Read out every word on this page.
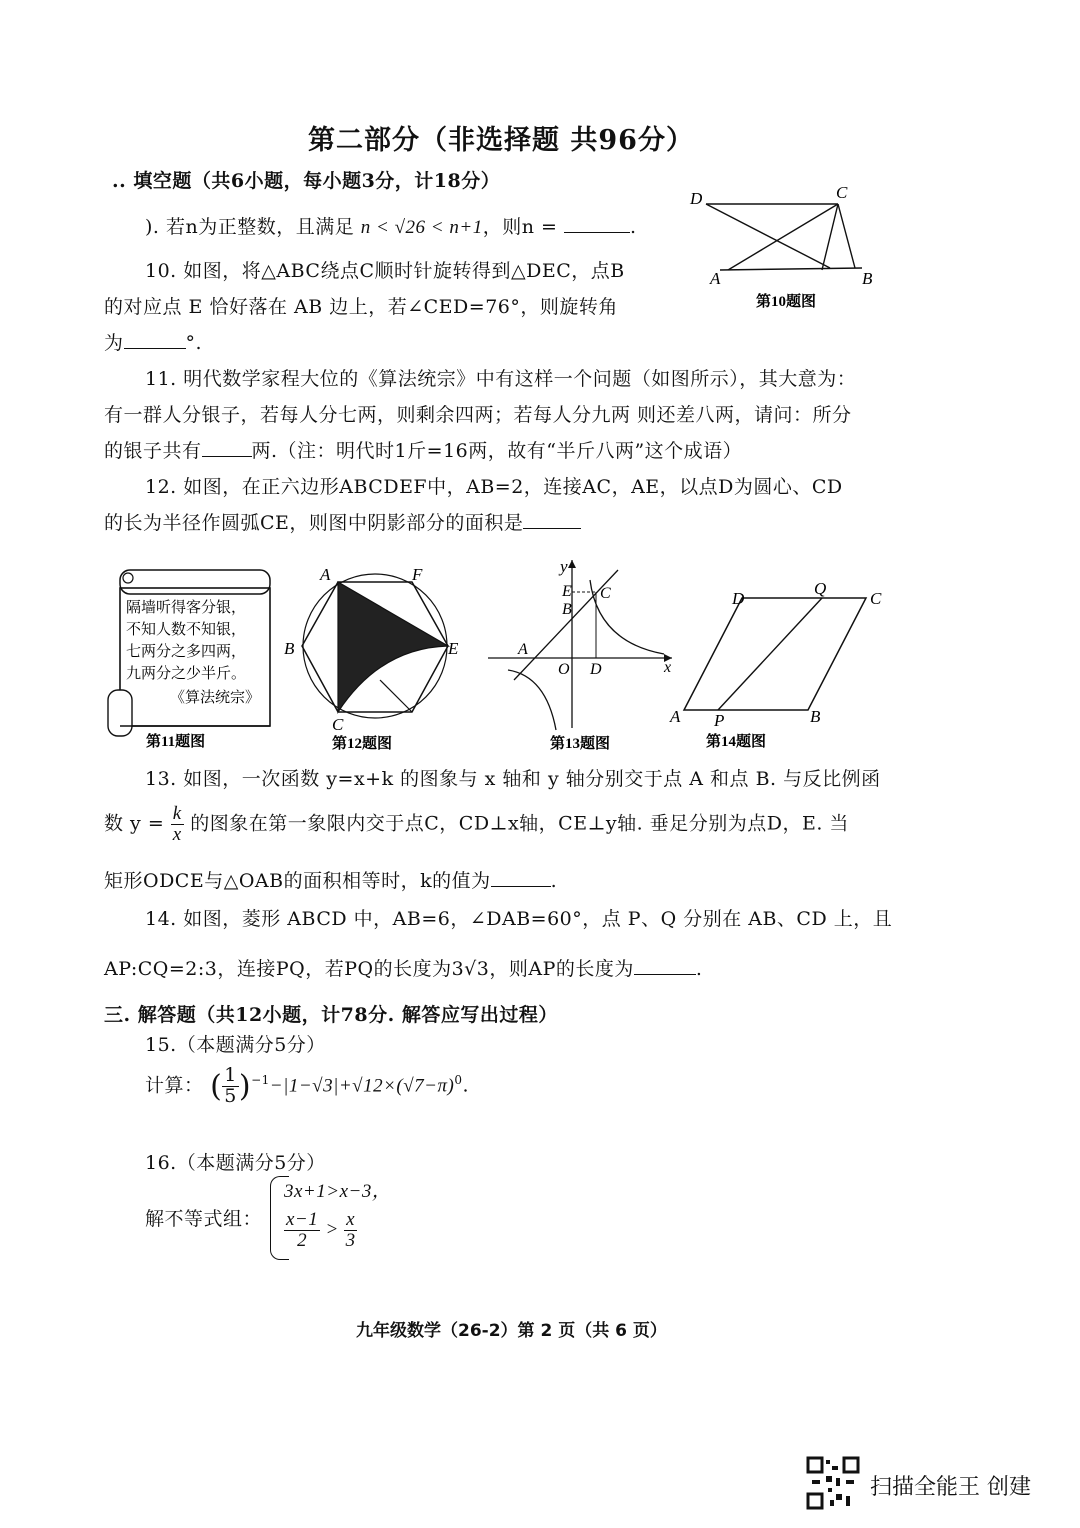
第二部分（非选择题 共96分）
.. 填空题（共6小题，每小题3分，计18分）
). 若n为正整数，且满足 n < √26 < n+1，则n =	.
D	C
A	B
第10题图
10. 如图，将△ABC绕点C顺时针旋转得到△DEC，点B
的对应点 E 恰好落在 AB 边上，若∠CED=76°，则旋转角
为	°.
11. 明代数学家程大位的《算法统宗》中有这样一个问题（如图所示），其大意为：
有一群人分银子，若每人分七两，则剩余四两；若每人分九两 则还差八两，请问：所分
的银子共有	两.（注：明代时1斤=16两，故有“半斤八两”这个成语）
12. 如图，在正六边形ABCDEF中，AB=2，连接AC，AE，以点D为圆心、CD
的长为半径作圆弧CE，则图中阴影部分的面积是
隔墙听得客分银，
不知人数不知银，
七两分之多四两，
九两分之少半斤。
《算法统宗》
第11题图
A	F
B	E
C
第12题图
y
E C
B
A
O D	x
第13题图
D
Q
C
A P	B
第14题图
13. 如图，一次函数 y=x+k 的图象与 x 轴和 y 轴分别交于点 A 和点 B. 与反比例函
数 $y = \frac{k}{x}$ 的图象在第一象限内交于点C，CD⊥x轴，CE⊥y轴. 垂足分别为点D，E. 当
矩形ODCE与△OAB的面积相等时，k的值为	.
14. 如图，菱形 ABCD 中，AB=6，∠DAB=60°，点 P、Q 分别在 AB、CD 上，且
AP:CQ=2:3，连接PQ，若PQ的长度为3√3，则AP的长度为	.
三. 解答题（共12小题，计78分. 解答应写出过程）
15.（本题满分5分）
计算： ( $\frac{1}{5} )^{-1}-|1-√3|+√12\times(√7-\pi)^0$.
16.（本题满分5分）
解不等式组：
3x+1>x−3，
$\frac{x-1}{2} > \frac{x}{3}$
九年级数学（26-2）第 2 页（共 6 页）
扫描全能王 创建
